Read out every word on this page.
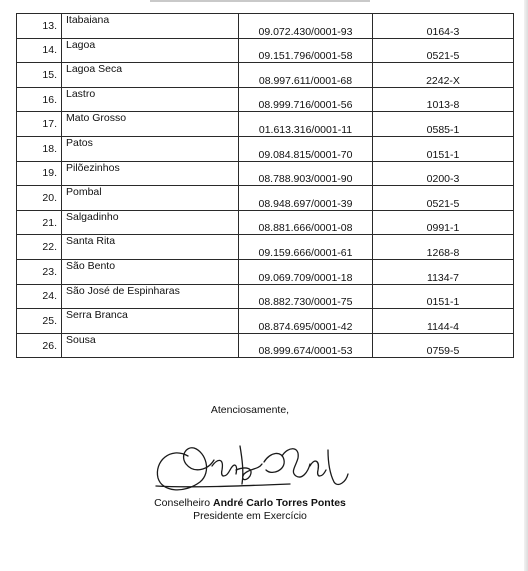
13.	Itabaiana	09.072.430/0001-93	0164-3
14.	Lagoa	09.151.796/0001-58	0521-5
15.	Lagoa Seca	08.997.611/0001-68	2242-X
16.	Lastro	08.999.716/0001-56	1013-8
17.	Mato Grosso	01.613.316/0001-11	0585-1
18.	Patos	09.084.815/0001-70	0151-1
19.	Pilõezinhos	08.788.903/0001-90	0200-3
20.	Pombal	08.948.697/0001-39	0521-5
21.	Salgadinho	08.881.666/0001-08	0991-1
22.	Santa Rita	09.159.666/0001-61	1268-8
23.	São Bento	09.069.709/0001-18	1134-7
24.	São José de Espinharas	08.882.730/0001-75	0151-1
25.	Serra Branca	08.874.695/0001-42	1144-4
26.	Sousa	08.999.674/0001-53	0759-5
Atenciosamente,
Conselheiro André Carlo Torres Pontes
Presidente em Exercício
